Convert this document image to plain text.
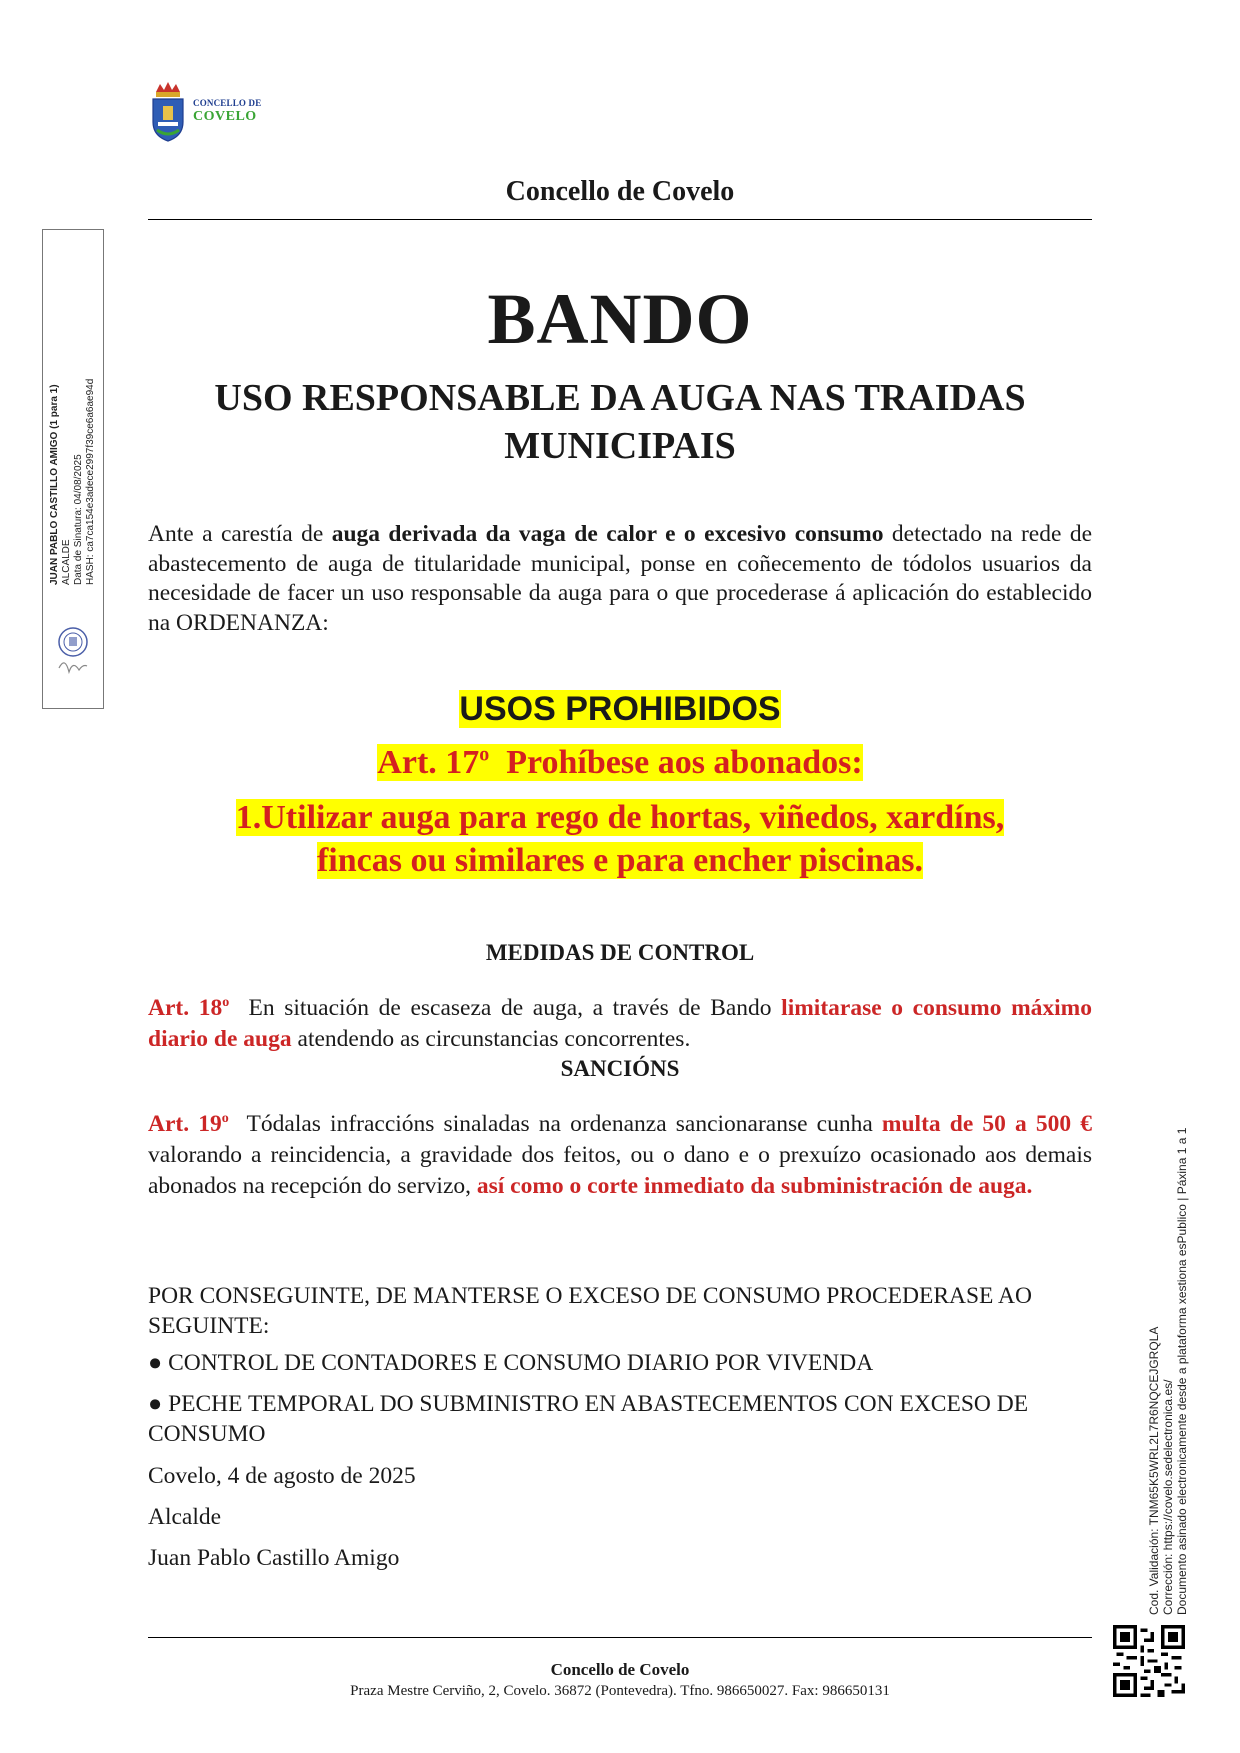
CONCELLO DE
COVELO
Concello de Covelo
BANDO
USO RESPONSABLE DA AUGA NAS TRAIDAS MUNICIPAIS
Ante a carestía de auga derivada da vaga de calor e o excesivo consumo detectado na rede de abastecemento de auga de titularidade municipal, ponse en coñecemento de tódolos usuarios da necesidade de facer un uso responsable da auga para o que procederase á aplicación do establecido na ORDENANZA:
USOS PROHIBIDOS
Art. 17$^o$  Prohíbese aos abonados:
1.Utilizar auga para rego de hortas, viñedos, xardíns,
fincas ou similares e para encher piscinas.
MEDIDAS DE CONTROL
Art. 18$^o$  En situación de escaseza de auga, a través de Bando limitarase o consumo máximo diario de auga atendendo as circunstancias concorrentes.
SANCIÓNS
Art. 19$^o$  Tódalas infraccións sinaladas na ordenanza sancionaranse cunha multa de 50 a 500 € valorando a reincidencia, a gravidade dos feitos, ou o dano e o prexuízo ocasionado aos demais abonados na recepción do servizo, así como o corte inmediato da subministración de auga.
POR CONSEGUINTE, DE MANTERSE O EXCESO DE CONSUMO PROCEDERASE AO SEGUINTE:
● CONTROL DE CONTADORES E CONSUMO DIARIO POR VIVENDA
● PECHE TEMPORAL DO SUBMINISTRO EN ABASTECEMENTOS CON EXCESO DE CONSUMO
Covelo, 4 de agosto de 2025
Alcalde
Juan Pablo Castillo Amigo
Concello de Covelo
Praza Mestre Cerviño, 2, Covelo. 36872 (Pontevedra). Tfno. 986650027. Fax: 986650131
JUAN PABLO CASTILLO AMIGO (1 para 1) ALCALDE Data de Sinatura: 04/08/2025 HASH: ca7ca154e3adece2997f39ce6a6ae94d
Cod. Validación: TNM65K5WRL2L7R6NQCEJGRQLA Corrección: https://covelo.sedelectronica.es/ Documento asinado electronicamente desde a plataforma xestiona esPublico | Páxina 1 a 1
